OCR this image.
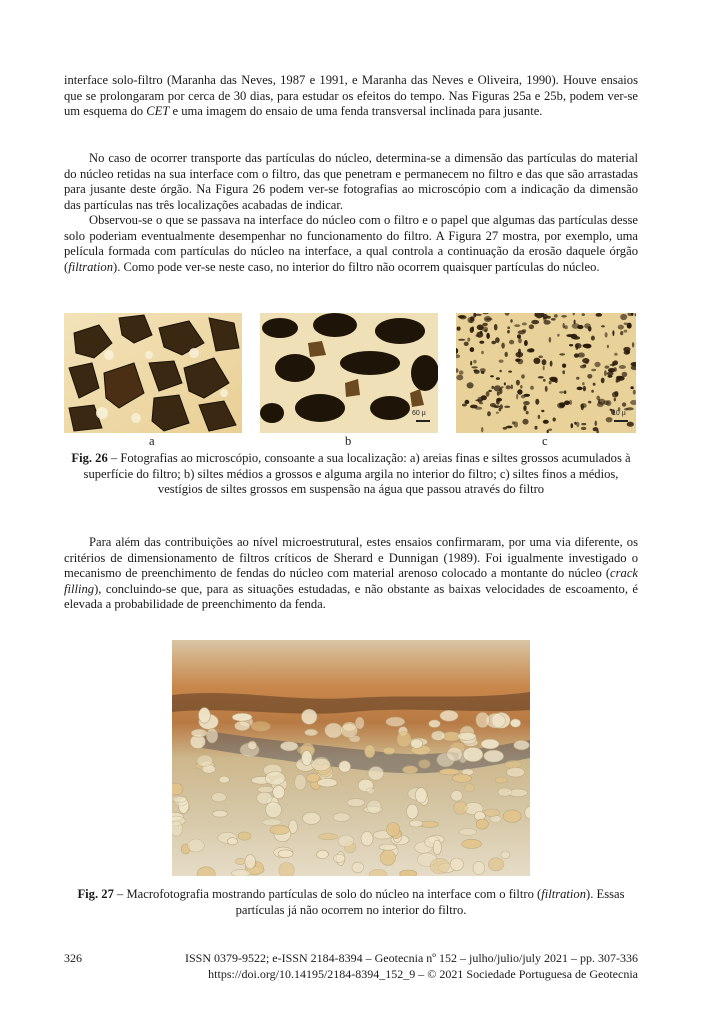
interface solo-filtro (Maranha das Neves, 1987 e 1991, e Maranha das Neves e Oliveira, 1990). Houve ensaios que se prolongaram por cerca de 30 dias, para estudar os efeitos do tempo. Nas Figuras 25a e 25b, podem ver-se um esquema do CET e uma imagem do ensaio de uma fenda transversal inclinada para jusante.

No caso de ocorrer transporte das partículas do núcleo, determina-se a dimensão das partículas do material do núcleo retidas na sua interface com o filtro, das que penetram e permanecem no filtro e das que são arrastadas para jusante deste órgão. Na Figura 26 podem ver-se fotografias ao microscópio com a indicação da dimensão das partículas nas três localizações acabadas de indicar.

Observou-se o que se passava na interface do núcleo com o filtro e o papel que algumas das partículas desse solo poderiam eventualmente desempenhar no funcionamento do filtro. A Figura 27 mostra, por exemplo, uma película formada com partículas do núcleo na interface, a qual controla a continuação da erosão daquele órgão (filtration). Como pode ver-se neste caso, no interior do filtro não ocorrem quaisquer partículas do núcleo.

60 µ	10 µ
a	b	c
Fig. 26 – Fotografias ao microscópio, consoante a sua localização: a) areias finas e siltes grossos acumulados à superfície do filtro; b) siltes médios a grossos e alguma argila no interior do filtro; c) siltes finos a médios, vestígios de siltes grossos em suspensão na água que passou através do filtro

Para além das contribuições ao nível microestrutural, estes ensaios confirmaram, por uma via diferente, os critérios de dimensionamento de filtros críticos de Sherard e Dunnigan (1989). Foi igualmente investigado o mecanismo de preenchimento de fendas do núcleo com material arenoso colocado a montante do núcleo (crack filling), concluindo-se que, para as situações estudadas, e não obstante as baixas velocidades de escoamento, é elevada a probabilidade de preenchimento da fenda.

Fig. 27 – Macrofotografia mostrando partículas de solo do núcleo na interface com o filtro (filtration). Essas partículas já não ocorrem no interior do filtro.
326	ISSN 0379-9522; e-ISSN 2184-8394 – Geotecnia nº 152 – julho/julio/july 2021 – pp. 307-336
https://doi.org/10.14195/2184-8394_152_9 – © 2021 Sociedade Portuguesa de Geotecnia
